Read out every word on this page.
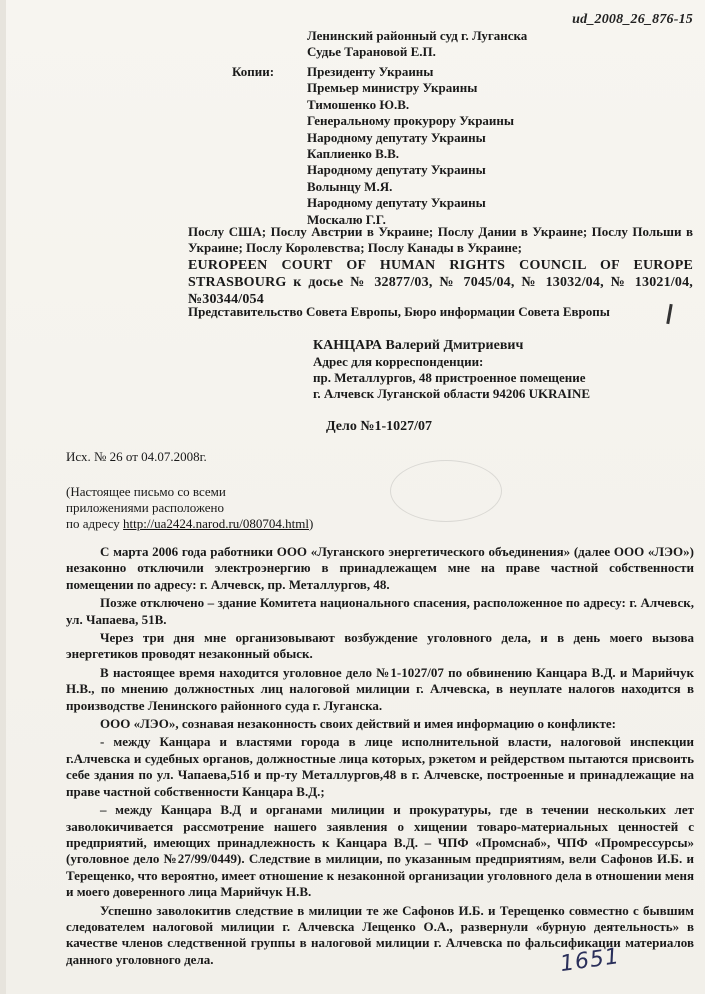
ud_2008_26_876-15
Ленинский районный суд г. Луганска
Судье Тарановой Е.П.
Копии:	Президенту Украины
Премьер министру Украины
Тимошенко Ю.В.
Генеральному прокурору Украины
Народному депутату Украины
Каплиенко В.В.
Народному депутату Украины
Волынцу М.Я.
Народному депутату Украины
Москалю Г.Г.
Послу США; Послу Австрии в Украине; Послу Дании в Украине; Послу Польши в Украине; Послу Королевства; Послу Канады в Украине;
EUROPEEN COURT OF HUMAN RIGHTS COUNCIL OF EUROPE STRASBOURG к досье № 32877/03, № 7045/04, № 13032/04, № 13021/04, №30344/054
Представительство Совета Европы, Бюро информации Совета Европы
КАНЦАРА Валерий Дмитриевич
Адрес для корреспонденции:
пр. Металлургов, 48 пристроенное помещение
г. Алчевск Луганской области 94206 UKRAINE
Дело №1-1027/07
Исх. № 26 от 04.07.2008г.
(Настоящее письмо со всеми
приложениями расположено
по адресу http://ua2424.narod.ru/080704.html)

С марта 2006 года работники ООО «Луганского энергетического объединения» (далее ООО «ЛЭО») незаконно отключили электроэнергию в принадлежащем мне на праве частной собственности помещении по адресу: г. Алчевск, пр. Металлургов, 48.

Позже отключено – здание Комитета национального спасения, расположенное по адресу: г. Алчевск, ул. Чапаева, 51В.

Через три дня мне организовывают возбуждение уголовного дела, и в день моего вызова энергетиков проводят незаконный обыск.

В настоящее время находится уголовное дело №1-1027/07 по обвинению Канцара В.Д. и Марийчук Н.В., по мнению должностных лиц налоговой милиции г. Алчевска, в неуплате налогов находится в производстве Ленинского районного суда г. Луганска.

ООО «ЛЭО», сознавая незаконность своих действий и имея информацию о конфликте:

- между Канцара и властями города в лице исполнительной власти, налоговой инспекции г.Алчевска и судебных органов, должностные лица которых, рэкетом и рейдерством пытаются присвоить себе здания по ул. Чапаева,51б и пр-ту Металлургов,48 в г. Алчевске, построенные и принадлежащие на праве частной собственности Канцара В.Д.;

– между Канцара В.Д и органами милиции и прокуратуры, где в течении нескольких лет заволокичивается рассмотрение нашего заявления о хищении товаро-материальных ценностей с предприятий, имеющих принадлежность к Канцара В.Д. – ЧПФ «Промснаб», ЧПФ «Промрессурсы» (уголовное дело №27/99/0449). Следствие в милиции, по указанным предприятиям, вели Сафонов И.Б. и Терещенко, что вероятно, имеет отношение к незаконной организации уголовного дела в отношении меня и моего доверенного лица Марийчук Н.В.

Успешно заволокитив следствие в милиции те же Сафонов И.Б. и Терещенко совместно с бывшим следователем налоговой милиции г. Алчевска Лещенко О.А., развернули «бурную деятельность» в качестве членов следственной группы в налоговой милиции г. Алчевска по фальсификации материалов данного уголовного дела.	1651
